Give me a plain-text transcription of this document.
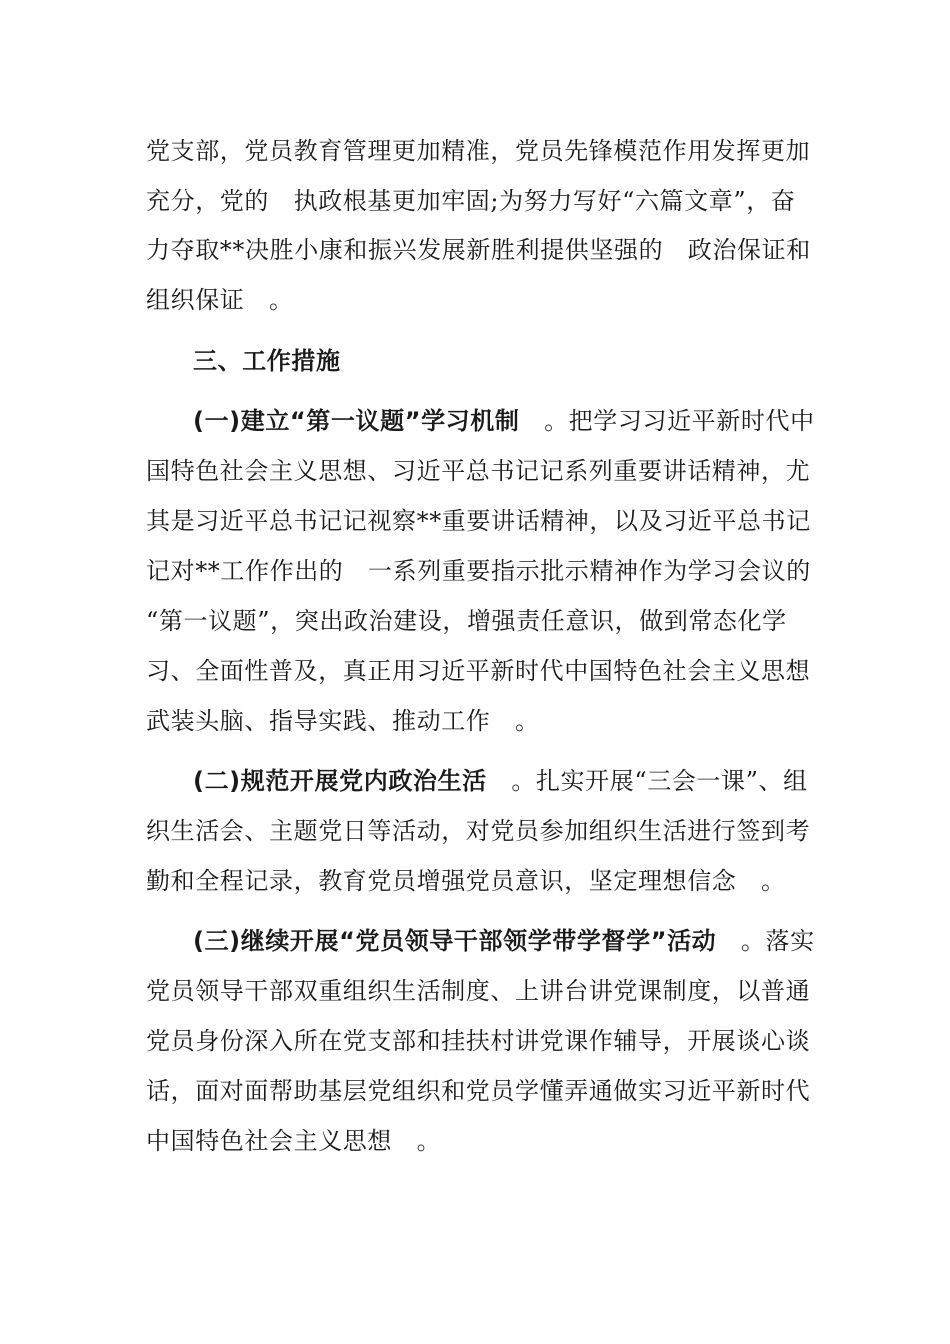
党支部，党员教育管理更加精准，党员先锋模范作用发挥更加
充分，党的　执政根基更加牢固;为努力写好“六篇文章”，奋
力夺取**决胜小康和振兴发展新胜利提供坚强的　政治保证和
组织保证　。
三、工作措施
(一)建立“第一议题”学习机制　。把学习习近平新时代中
国特色社会主义思想、习近平总书记记系列重要讲话精神，尤
其是习近平总书记记视察**重要讲话精神，以及习近平总书记
记对**工作作出的　一系列重要指示批示精神作为学习会议的
“第一议题”，突出政治建设，增强责任意识，做到常态化学
习、全面性普及，真正用习近平新时代中国特色社会主义思想
武装头脑、指导实践、推动工作　。
(二)规范开展党内政治生活　。扎实开展“三会一课”、组
织生活会、主题党日等活动，对党员参加组织生活进行签到考
勤和全程记录，教育党员增强党员意识，坚定理想信念　。
(三)继续开展“党员领导干部领学带学督学”活动　。落实
党员领导干部双重组织生活制度、上讲台讲党课制度，以普通
党员身份深入所在党支部和挂扶村讲党课作辅导，开展谈心谈
话，面对面帮助基层党组织和党员学懂弄通做实习近平新时代
中国特色社会主义思想　。
